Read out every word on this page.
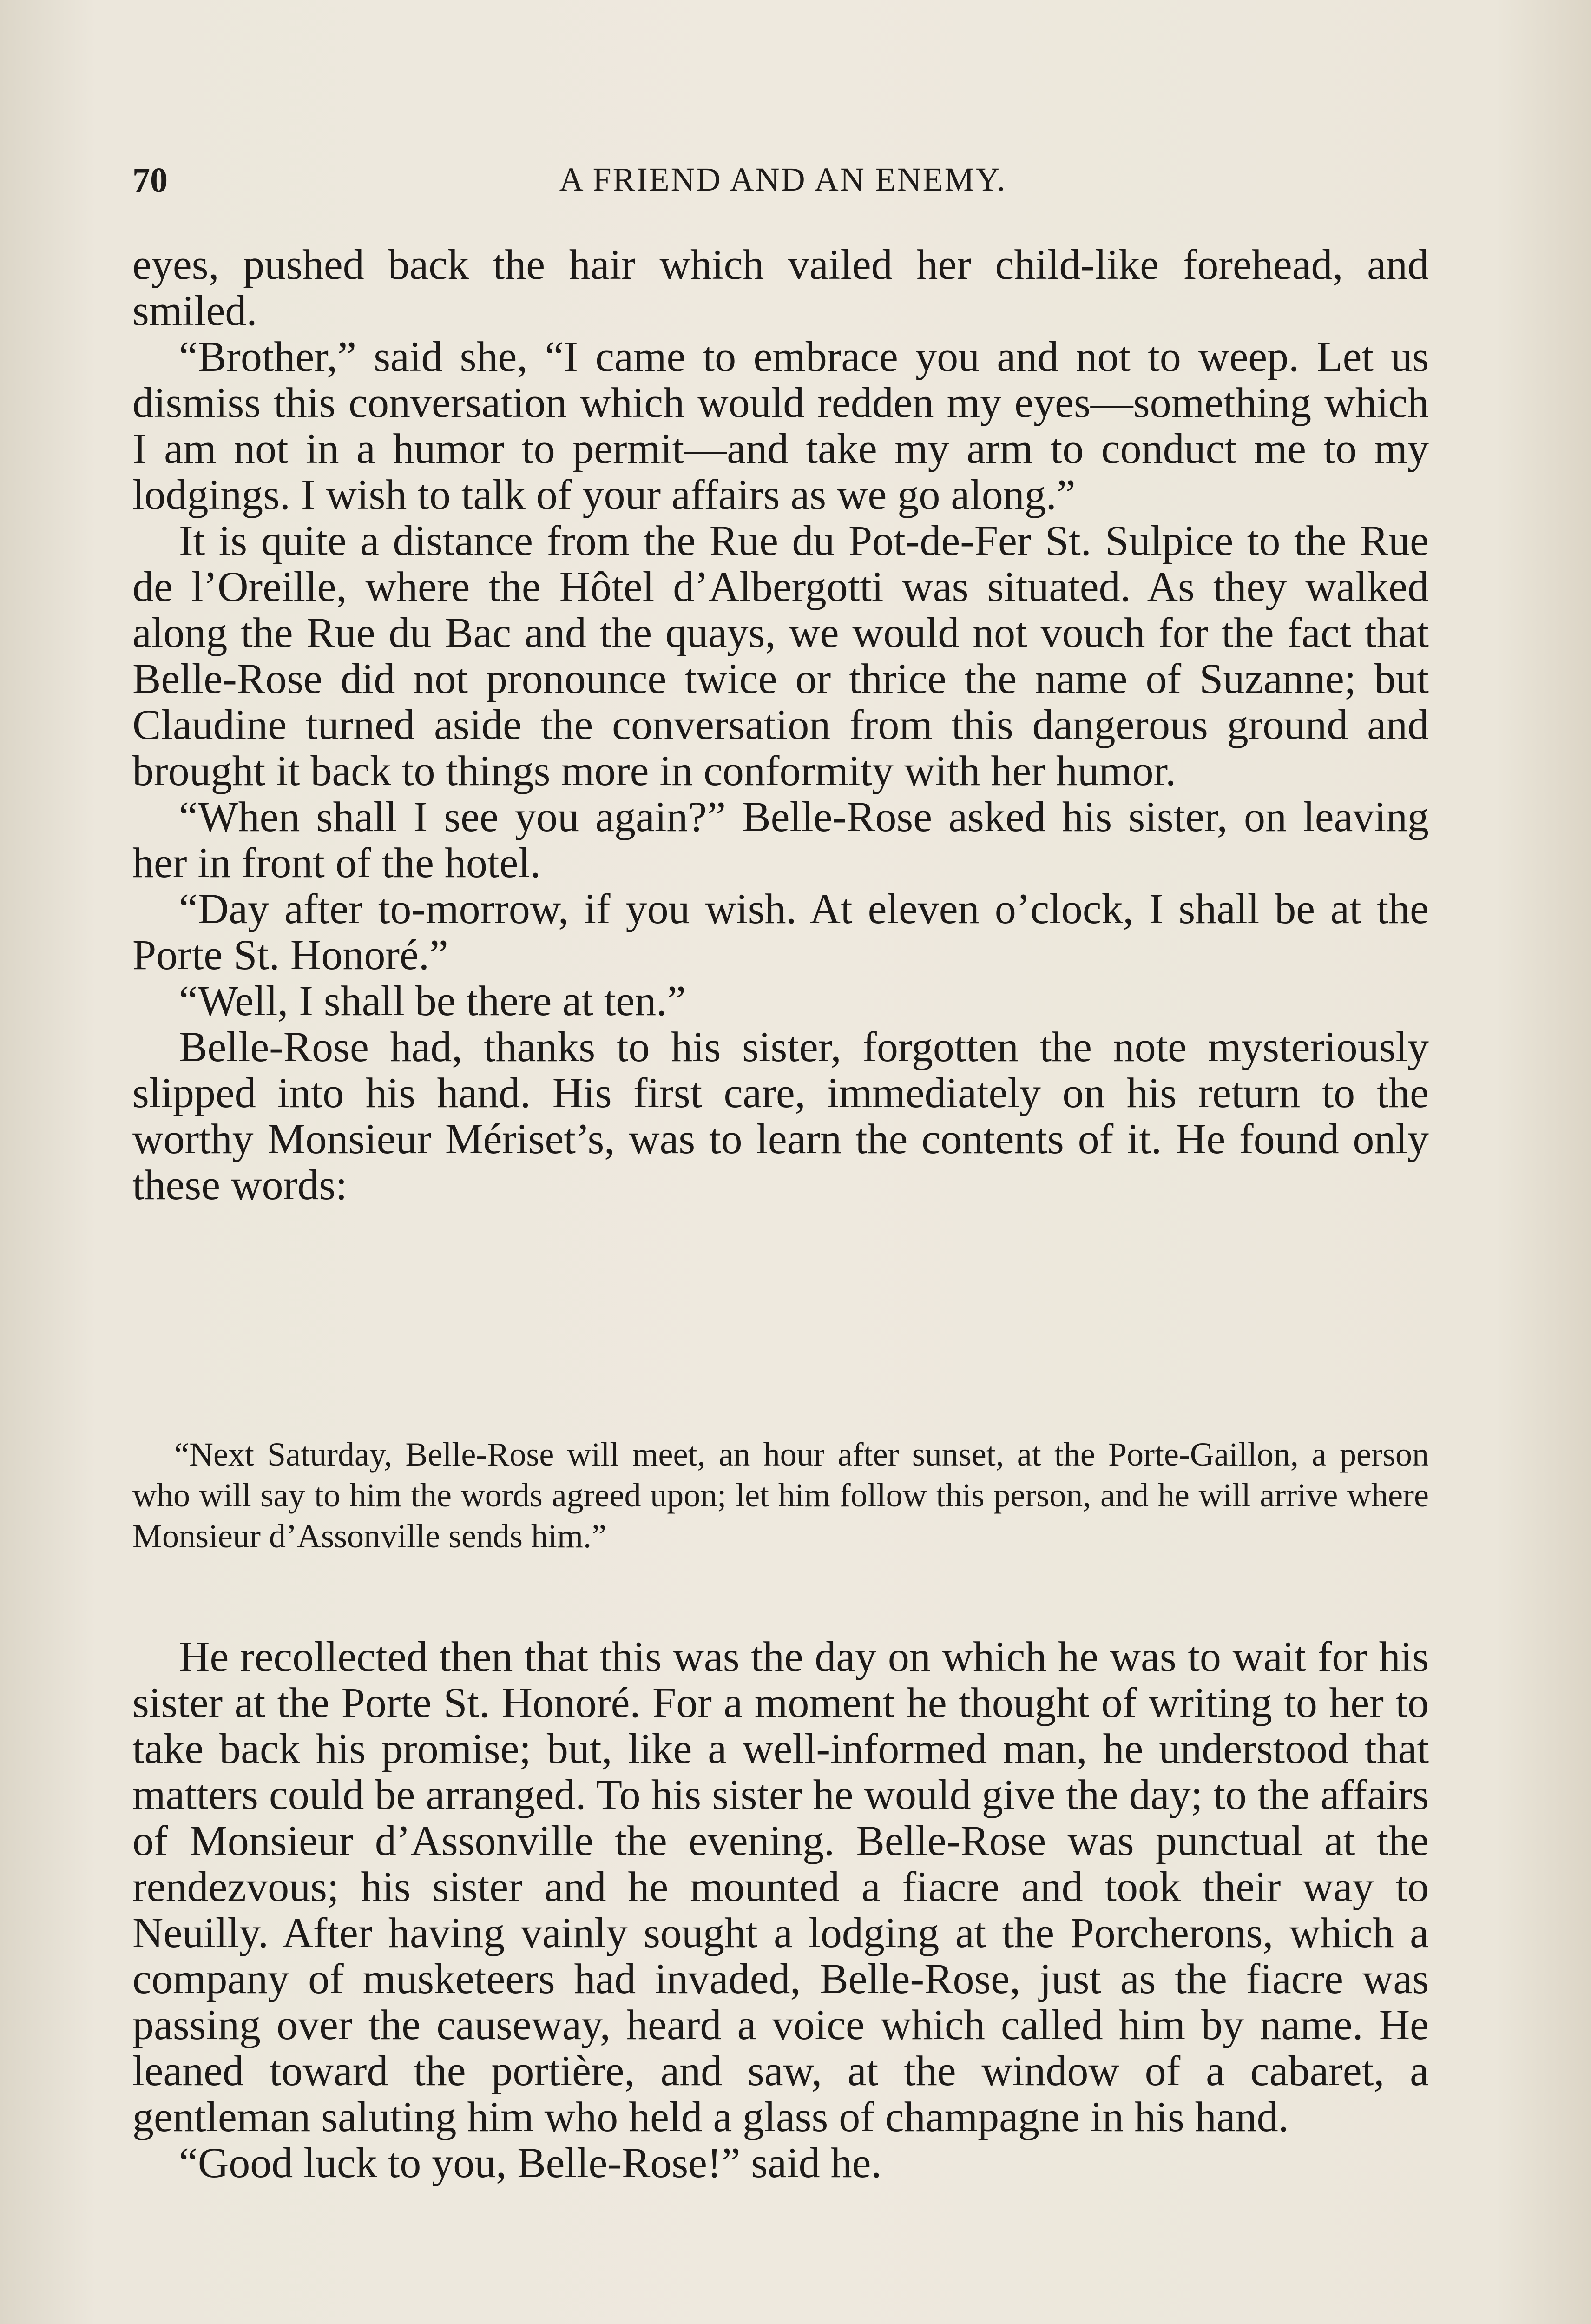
70	A FRIEND AND AN ENEMY.

eyes, pushed back the hair which vailed her child-like forehead, and smiled.

“Brother,” said she, “I came to embrace you and not to weep. Let us dismiss this conversation which would redden my eyes—something which I am not in a humor to permit—and take my arm to conduct me to my lodgings. I wish to talk of your affairs as we go along.”

It is quite a distance from the Rue du Pot-de-Fer St. Sulpice to the Rue de l’Oreille, where the Hôtel d’Albergotti was situated. As they walked along the Rue du Bac and the quays, we would not vouch for the fact that Belle-Rose did not pronounce twice or thrice the name of Suzanne; but Claudine turned aside the conversation from this dangerous ground and brought it back to things more in conformity with her humor.

“When shall I see you again?” Belle-Rose asked his sister, on leaving her in front of the hotel.

“Day after to-morrow, if you wish. At eleven o’clock, I shall be at the Porte St. Honoré.”

“Well, I shall be there at ten.”

Belle-Rose had, thanks to his sister, forgotten the note mysteriously slipped into his hand. His first care, immediately on his return to the worthy Monsieur Mériset’s, was to learn the contents of it. He found only these words:

“Next Saturday, Belle-Rose will meet, an hour after sunset, at the Porte-Gaillon, a person who will say to him the words agreed upon; let him follow this person, and he will arrive where Monsieur d’Assonville sends him.”

He recollected then that this was the day on which he was to wait for his sister at the Porte St. Honoré. For a moment he thought of writing to her to take back his promise; but, like a well-informed man, he understood that matters could be arranged. To his sister he would give the day; to the affairs of Monsieur d’Assonville the evening. Belle-Rose was punctual at the rendezvous; his sister and he mounted a fiacre and took their way to Neuilly. After having vainly sought a lodging at the Porcherons, which a company of musketeers had invaded, Belle-Rose, just as the fiacre was passing over the causeway, heard a voice which called him by name. He leaned toward the portière, and saw, at the window of a cabaret, a gentleman saluting him who held a glass of champagne in his hand.

“Good luck to you, Belle-Rose!” said he.
